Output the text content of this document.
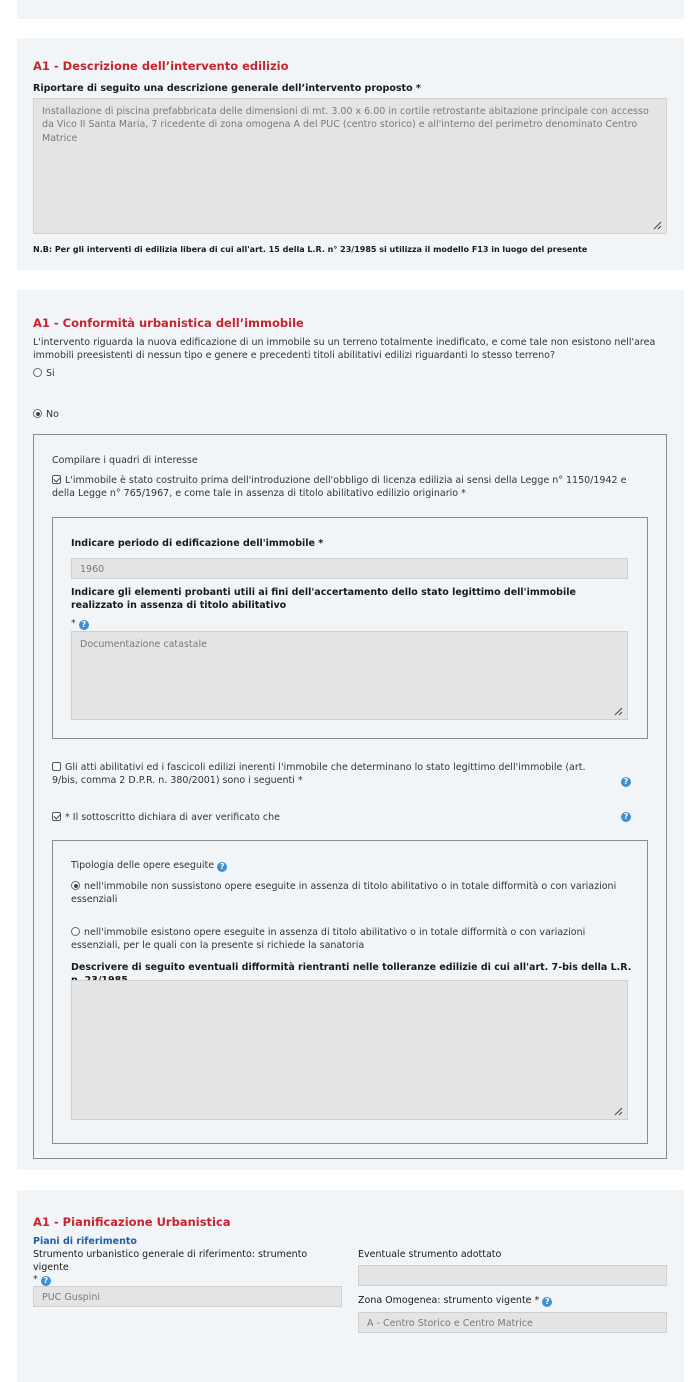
A1 - Descrizione dell’intervento edilizio
Riportare di seguito una descrizione generale dell’intervento proposto *
Installazione di piscina prefabbricata delle dimensioni di mt. 3.00 x 6.00 in cortile retrostante abitazione principale con accesso da Vico II Santa Maria, 7 ricedente di zona omogena A del PUC (centro storico) e all'interno del perimetro denominato Centro Matrice
N.B: Per gli interventi di edilizia libera di cui all'art. 15 della L.R. n° 23/1985 si utilizza il modello F13 in luogo del presente
A1 - Conformità urbanistica dell’immobile
L'intervento riguarda la nuova edificazione di un immobile su un terreno totalmente inedificato, e come tale non esistono nell'area immobili preesistenti di nessun tipo e genere e precedenti titoli abilitativi edilizi riguardanti lo stesso terreno?
Si
No
Compilare i quadri di interesse
L'immobile è stato costruito prima dell'introduzione dell'obbligo di licenza edilizia ai sensi della Legge n° 1150/1942 e della Legge n° 765/1967, e come tale in assenza di titolo abilitativo edilizio originario *
Indicare periodo di edificazione dell'immobile *
1960
Indicare gli elementi probanti utili ai fini dell'accertamento dello stato legittimo dell'immobile realizzato in assenza di titolo abilitativo
* ?
Documentazione catastale
Gli atti abilitativi ed i fascicoli edilizi inerenti l'immobile che determinano lo stato legittimo dell'immobile (art. 9/bis, comma 2 D.P.R. n. 380/2001) sono i seguenti *	?
* Il sottoscritto dichiara di aver verificato che	?
Tipologia delle opere eseguite ?
nell'immobile non sussistono opere eseguite in assenza di titolo abilitativo o in totale difformità o con variazioni essenziali
nell'immobile esistono opere eseguite in assenza di titolo abilitativo o in totale difformità o con variazioni essenziali, per le quali con la presente si richiede la sanatoria
Descrivere di seguito eventuali difformità rientranti nelle tolleranze edilizie di cui all'art. 7-bis della L.R.
A1 - Pianificazione Urbanistica
Piani di riferimento
Strumento urbanistico generale di riferimento: strumento vigente
* ?
PUC Guspini
Eventuale strumento adottato
Zona Omogenea: strumento vigente * ?
A - Centro Storico e Centro Matrice
